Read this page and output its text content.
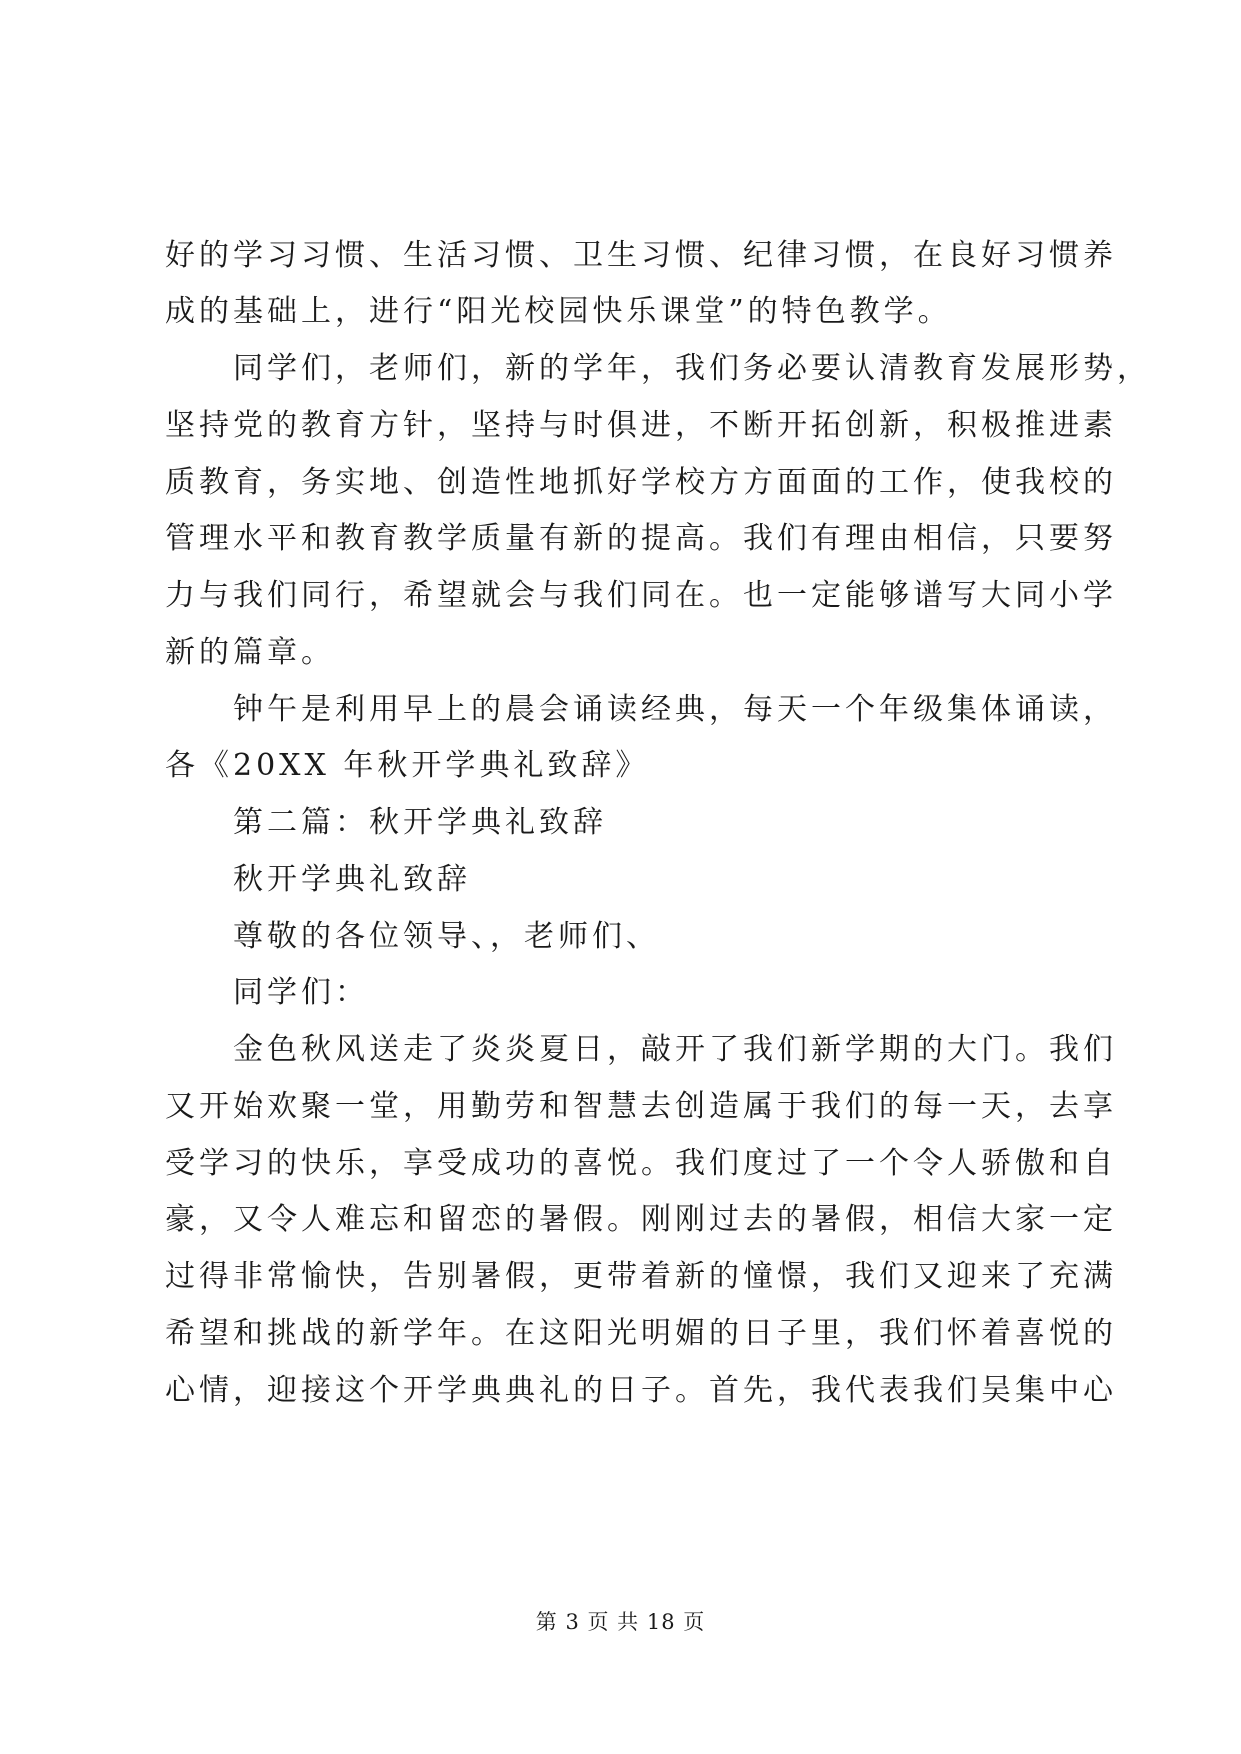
好的学习习惯、生活习惯、卫生习惯、纪律习惯，在良好习惯养
成的基础上，进行“阳光校园快乐课堂”的特色教学。
同学们，老师们，新的学年，我们务必要认清教育发展形势，
坚持党的教育方针，坚持与时俱进，不断开拓创新，积极推进素
质教育，务实地、创造性地抓好学校方方面面的工作，使我校的
管理水平和教育教学质量有新的提高。我们有理由相信，只要努
力与我们同行，希望就会与我们同在。也一定能够谱写大同小学
新的篇章。
钟午是利用早上的晨会诵读经典，每天一个年级集体诵读，
各《20XX 年秋开学典礼致辞》
第二篇：秋开学典礼致辞
秋开学典礼致辞
尊敬的各位领导、，老师们、
同学们：
金色秋风送走了炎炎夏日，敲开了我们新学期的大门。我们
又开始欢聚一堂，用勤劳和智慧去创造属于我们的每一天，去享
受学习的快乐，享受成功的喜悦。我们度过了一个令人骄傲和自
豪，又令人难忘和留恋的暑假。刚刚过去的暑假，相信大家一定
过得非常愉快，告别暑假，更带着新的憧憬，我们又迎来了充满
希望和挑战的新学年。在这阳光明媚的日子里，我们怀着喜悦的
心情，迎接这个开学典典礼的日子。首先，我代表我们吴集中心
第 3 页 共 18 页
